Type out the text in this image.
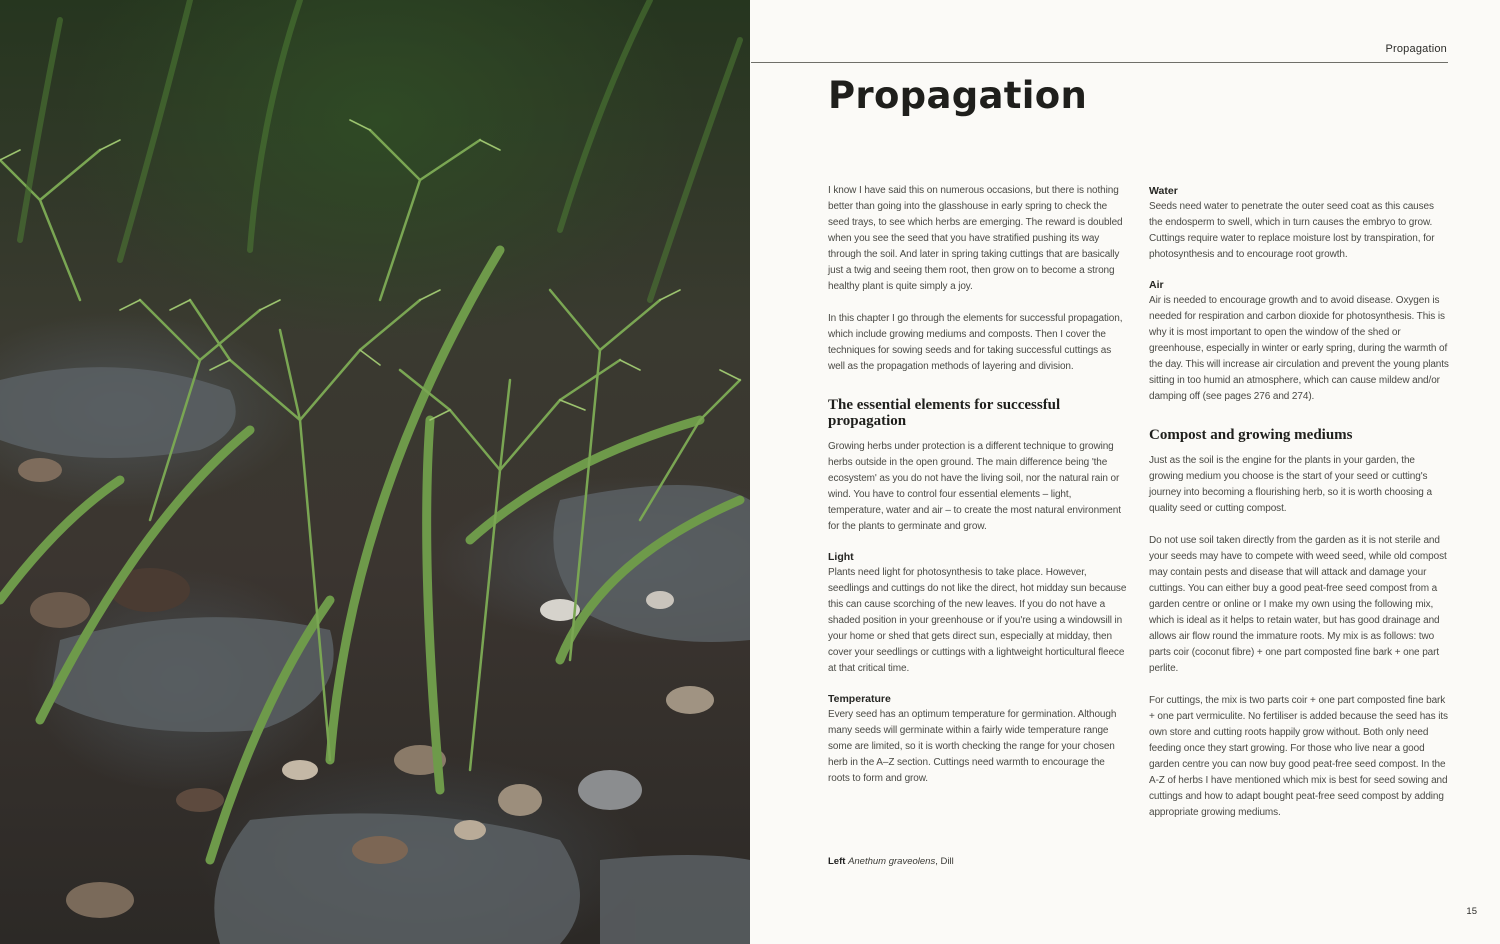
Propagation
Propagation

I know I have said this on numerous occasions, but there is nothing better than going into the glasshouse in early spring to check the seed trays, to see which herbs are emerging. The reward is doubled when you see the seed that you have stratified pushing its way through the soil. And later in spring taking cuttings that are basically just a twig and seeing them root, then grow on to become a strong healthy plant is quite simply a joy.

In this chapter I go through the elements for successful propagation, which include growing mediums and composts. Then I cover the techniques for sowing seeds and for taking successful cuttings as well as the propagation methods of layering and division.

The essential elements for successful propagation

Growing herbs under protection is a different technique to growing herbs outside in the open ground. The main difference being 'the ecosystem' as you do not have the living soil, nor the natural rain or wind. You have to control four essential elements – light, temperature, water and air – to create the most natural environment for the plants to germinate and grow.

Light

Plants need light for photosynthesis to take place. However, seedlings and cuttings do not like the direct, hot midday sun because this can cause scorching of the new leaves. If you do not have a shaded position in your greenhouse or if you're using a windowsill in your home or shed that gets direct sun, especially at midday, then cover your seedlings or cuttings with a lightweight horticultural fleece at that critical time.

Temperature

Every seed has an optimum temperature for germination. Although many seeds will germinate within a fairly wide temperature range some are limited, so it is worth checking the range for your chosen herb in the A–Z section. Cuttings need warmth to encourage the roots to form and grow.

Water

Seeds need water to penetrate the outer seed coat as this causes the endosperm to swell, which in turn causes the embryo to grow. Cuttings require water to replace moisture lost by transpiration, for photosynthesis and to encourage root growth.

Air

Air is needed to encourage growth and to avoid disease. Oxygen is needed for respiration and carbon dioxide for photosynthesis. This is why it is most important to open the window of the shed or greenhouse, especially in winter or early spring, during the warmth of the day. This will increase air circulation and prevent the young plants sitting in too humid an atmosphere, which can cause mildew and/or damping off (see pages 276 and 274).

Compost and growing mediums

Just as the soil is the engine for the plants in your garden, the growing medium you choose is the start of your seed or cutting's journey into becoming a flourishing herb, so it is worth choosing a quality seed or cutting compost.

Do not use soil taken directly from the garden as it is not sterile and your seeds may have to compete with weed seed, while old compost may contain pests and disease that will attack and damage your cuttings. You can either buy a good peat-free seed compost from a garden centre or online or I make my own using the following mix, which is ideal as it helps to retain water, but has good drainage and allows air flow round the immature roots. My mix is as follows: two parts coir (coconut fibre) + one part composted fine bark + one part perlite.

For cuttings, the mix is two parts coir + one part composted fine bark + one part vermiculite. No fertiliser is added because the seed has its own store and cutting roots happily grow without. Both only need feeding once they start growing. For those who live near a good garden centre you can now buy good peat-free seed compost. In the A-Z of herbs I have mentioned which mix is best for seed sowing and cuttings and how to adapt bought peat-free seed compost by adding appropriate growing mediums.

Left Anethum graveolens, Dill
15
